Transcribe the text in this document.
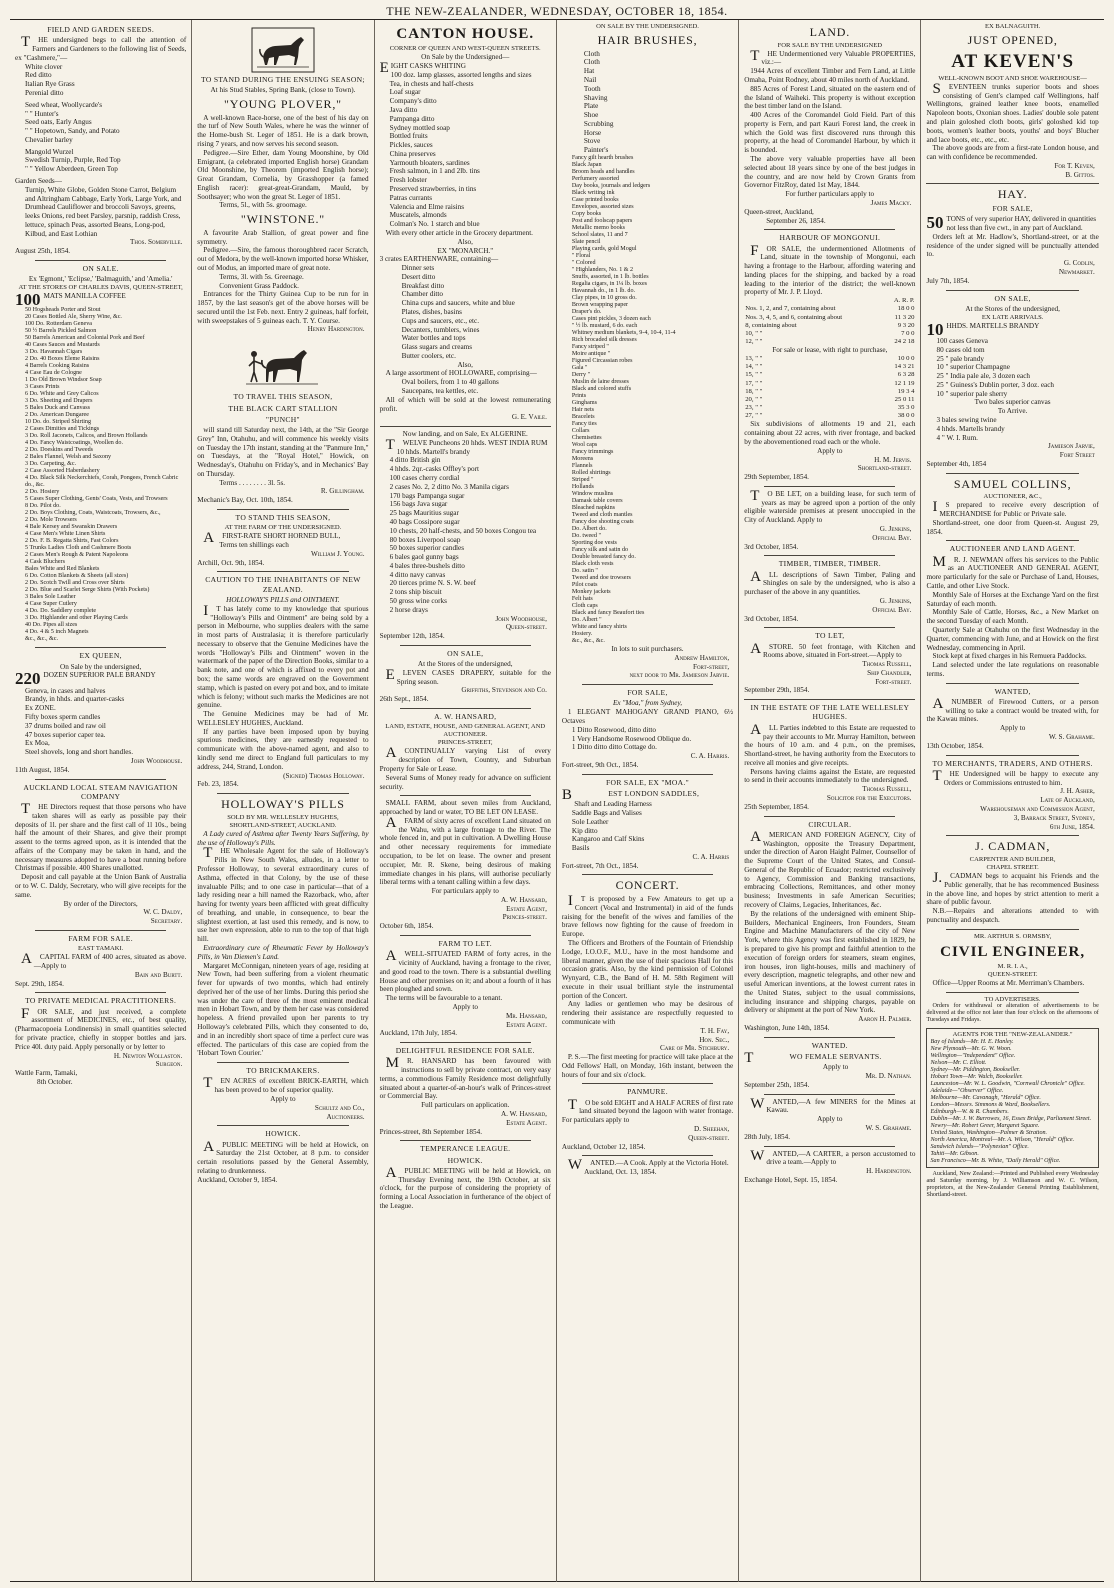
THE NEW-ZEALANDER, WEDNESDAY, OCTOBER 18, 1854.
FIELD AND GARDEN SEEDS.
THE undersigned begs to call the attention of Farmers and Gardeners to the following list of Seeds, ex "Cashmere,"—
White clover
Red ditto
Italian Rye Grass
Perenial ditto
Seed wheat, Woollycarde's
" " Hunter's
Seed oats, Early Angus
" " Hopetown, Sandy, and Potato
Chevalier barley
Mangold Wurzel
Swedish Turnip, Purple, Red Top
" " Yellow Aberdeen, Green Top
Garden Seeds—
Turnip, White Globe, Golden Stone Carrot, Belgium and Altringham Cabbage, Early York, Large York, and Drumhead Cauliflower and broccoli Savoys, greens, leeks Onions, red beet Parsley, parsnip, raddish Cress, lettuce, spinach Peas, assorted Beans, Long-pod, Kilbud, and East Lothian
Thos. Somerville.
August 25th, 1854.
ON SALE.
Ex 'Egmont,' 'Eclipse,' 'Balmaguith,' and 'Amelia.'
AT THE STORES OF CHARLES DAVIS, QUEEN-STREET,
100 MATS MANILLA COFFEE
50 Hogsheads Porter and Stout
20 Cases Bottled Ale, Sherry Wine, &c.
100 Do. Rotterdam Geneva
50 ½ Barrels Pickled Salmon
50 Barrels American and Colonial Pork and Beef
40 Cases Sauces and Mustards
3 Do. Havannah Cigars
2 Do. 40 Boxes Eleme Raisins
4 Barrels Cooking Raisins
4 Case Eau de Cologne
1 Do Old Brown Windsor Soap
3 Cases Prints
6 Do. White and Grey Calicos
3 Do. Sheeting and Drapers
5 Bales Duck and Canvass
2 Do. American Dungaree
10 Do. do. Striped Shirting
2 Cases Dimities and Tickings
3 Do. Roll Jaconets, Calicos, and Brown Hollands
4 Do. Fancy Waistcoatings, Woollen do.
2 Do. Doeskins and Tweeds
2 Bales Flannel, Welsh and Saxony
3 Do. Carpeting, &c.
2 Case Assorted Haberdashery
4 Do. Black Silk Neckerchiefs, Corah, Pongees, French Cabric do., &c.
2 Do. Hosiery
5 Cases Super Clothing, Gents' Coats, Vests, and Trowsers
8 Do. Pilot do.
2 Do. Boys Clothing, Coats, Waistcoats, Trowsers, &c.,
2 Do. Mole Trowsers
4 Bale Kersey and Swanskin Drawers
4 Case Men's White Linen Shirts
2 Do. F. B. Regatta Shirts, Fast Colors
5 Trunks Ladies Cloth and Cashmere Boots
2 Cases Men's Rough & Patent Napoleons
4 Cask Bluchers
Bales White and Red Blankets
6 Do. Cotton Blankets & Sheets (all sizes)
2 Do. Scotch Twill and Cross over Shirts
2 Do. Blue and Scarlet Serge Shirts (With Pockets)
3 Bales Sole Leather
4 Case Super Cutlery
4 Do. Do. Saddlery complete
3 Do. Highlander and other Playing Cards
40 Do. Pipes all sizes
4 Do. 4 & 5 inch Magnets
&c., &c., &c.
EX QUEEN,
On Sale by the undersigned,
220 DOZEN SUPERIOR PALE BRANDY
Geneva, in cases and halves
Brandy, in hhds. and quarter-casks
Ex ZONE.
Fifty boxes sperm candles
37 drums boiled and raw oil
47 boxes superior caper tea.
Ex Moa,
Steel shovels, long and short handles.
John Woodhouse.
11th August, 1854.
AUCKLAND LOCAL STEAM NAVIGATION COMPANY
THE Directors request that those persons who have taken shares will as early as possible pay their deposits of 1l. per share and the first call of 1l 10s., being half the amount of their Shares, and give their prompt assent to the terms agreed upon, as it is intended that the affairs of the Company may be taken in hand, and the necessary measures adopted to have a boat running before Christmas if possible. 400 Shares unallotted.
Deposit and call payable at the Union Bank of Australia or to W. C. Daldy, Secretary, who will give receipts for the same.
By order of the Directors,
W. C. Daldy,
Secretary.
FARM FOR SALE.
EAST TAMAKI.
ACAPITAL FARM of 400 acres, situated as above.—Apply to
Bain and Burtt.
Sept. 29th, 1854.
TO PRIVATE MEDICAL PRACTITIONERS.
FOR SALE, and just received, a complete assortment of MEDICINES, etc., of best quality, (Pharmacopoeia Londinensis) in small quantities selected for private practice, chiefly in stopper bottles and jars. Price 40l. duty paid. Apply personally or by letter to
H. Newton Wollaston.
Surgeon.
Wattle Farm, Tamaki,
8th October.
TO STAND DURING THE ENSUING SEASON;
At his Stud Stables, Spring Bank, (close to Town).
"YOUNG PLOVER,"
A well-known Race-horse, one of the best of his day on the turf of New South Wales, where he was the winner of the Home-bush St. Leger of 1851. He is a dark brown, rising 7 years, and now serves his second season.
Pedigree.—Sire Ether, dam Young Moonshine, by Old Emigrant, (a celebrated imported English horse) Grandam Old Moonshine, by Theorem (imported English horse); Great Grandam, Cornelia, by Grasshopper (a famed English racer): great-great-Grandam, Mauld, by Soothsayer; who won the great St. Leger of 1851.
Terms, 5l., with 5s. groomage.
"WINSTONE."
A favourite Arab Stallion, of great power and fine symmetry.
Pedigree.—Sire, the famous thoroughbred racer Scratch, out of Medora, by the well-known imported horse Whisker, out of Modus, an imported mare of great note.
Terms, 3l. with 5s. Greenage.
Convenient Grass Paddock.
Entrances for the Thirty Guinea Cup to be run for in 1857, by the last season's get of the above horses will be secured until the 1st Feb. next. Entry 2 guineas, half forfeit, with sweepstakes of 5 guineas each. T. Y. Course.
Henry Hardington.
TO TRAVEL THIS SEASON,
THE BLACK CART STALLION
"PUNCH"
will stand till Saturday next, the 14th, at the "Sir George Grey" Inn, Otahuhu, and will commence his weekly visits on Tuesday the 17th instant, standing at the "Panmure Inn," on Tuesdays, at the "Royal Hotel," Howick, on Wednesday's, Otahuhu on Friday's, and in Mechanics' Bay on Thursday.
Terms . . . . . . . . 3l. 5s.
R. Gillingham.
Mechanic's Bay, Oct. 10th, 1854.
TO STAND THIS SEASON,
AT THE FARM OF THE UNDERSIGNED.
AFIRST-RATE SHORT HORNED BULL,
Terms ten shillings each
William J. Young.
Archill, Oct. 9th, 1854.
CAUTION TO THE INHABITANTS OF NEW ZEALAND.
HOLLOWAY'S PILLS and OINTMENT.
IT has lately come to my knowledge that spurious "Holloway's Pills and Ointment" are being sold by a person in Melbourne, who supplies dealers with the same in most parts of Australasia; it is therefore particularly necessary to observe that the Genuine Medicines have the words "Holloway's Pills and Ointment" woven in the watermark of the paper of the Direction Books, similar to a bank note, and one of which is affixed to every pot and box; the same words are engraved on the Government stamp, which is pasted on every pot and box, and to imitate which is felony; without such marks the Medicines are not genuine.
The Genuine Medicines may be had of Mr. WELLESLEY HUGHES, Auckland.
If any parties have been imposed upon by buying spurious medicines, they are earnestly requested to communicate with the above-named agent, and also to kindly send me direct to England full particulars to my address, 244, Strand, London.
(Signed) Thomas Holloway.
Feb. 23, 1854.
HOLLOWAY'S PILLS
SOLD BY MR. WELLESLEY HUGHES,
SHORTLAND-STREET, AUCKLAND.
A Lady cured of Asthma after Twenty Years Suffering, by the use of Holloway's Pills.
THE Wholesale Agent for the sale of Holloway's Pills in New South Wales, alludes, in a letter to Professor Holloway, to several extraordinary cures of Asthma, effected in that Colony, by the use of these invaluable Pills; and to one case in particular—that of a lady residing near a hill named the Razorback, who, after having for twenty years been afflicted with great difficulty of breathing, and unable, in consequence, to bear the slightest exertion, at last used this remedy, and is now, to use her own expression, able to run to the top of that high hill.
Extraordinary cure of Rheumatic Fever by Holloway's Pills, in Van Diemen's Land.
Margaret McConnigan, nineteen years of age, residing at New Town, had been suffering from a violent rheumatic fever for upwards of two months, which had entirely deprived her of the use of her limbs. During this period she was under the care of three of the most eminent medical men in Hobart Town, and by them her case was considered hopeless. A friend prevailed upon her parents to try Holloway's celebrated Pills, which they consented to do, and in an incredibly short space of time a perfect cure was effected. The particulars of this case are copied from the 'Hobart Town Courier.'
TO BRICKMAKERS.
TEN ACRES of excellent BRICK-EARTH, which has been proved to be of superior quality.
Apply to
Schultz and Co.,
Auctioneers.
HOWICK.
APUBLIC MEETING will be held at Howick, on Saturday the 21st October, at 8 p.m. to consider certain resolutions passed by the General Assembly, relating to drunkenness.
Auckland, October 9, 1854.
CANTON HOUSE.
CORNER OF QUEEN AND WEST-QUEEN STREETS.
On Sale by the Undersigned—
EIGHT CASKS WHITING
100 doz. lamp glasses, assorted lengths and sizes
Tea, in chests and half-chests
Loaf sugar
Company's ditto
Java ditto
Pampanga ditto
Sydney mottled soap
Bottled fruits
Pickles, sauces
China preserves
Yarmouth bloaters, sardines
Fresh salmon, in 1 and 2lb. tins
Fresh lobster
Preserved strawberries, in tins
Patras currants
Valencia and Elme raisins
Muscatels, almonds
Colman's No. 1 starch and blue
With every other article in the Grocery department.
Also,
EX "MONARCH."
3 crates EARTHENWARE, containing—
Dinner sets
Desert ditto
Breakfast ditto
Chamber ditto
China cups and saucers, white and blue
Plates, dishes, basins
Cups and saucers, etc., etc.
Decanters, tumblers, wines
Water bottles and tops
Glass sugars and creams
Butter coolers, etc.
Also,
A large assortment of HOLLOWARE, comprising—
Oval boilers, from 1 to 40 gallons
Saucepans, tea kettles, etc.
All of which will be sold at the lowest remunerating profit.
G. E. Vaile.
Now landing, and on Sale, Ex ALGERINE.
TWELVE Puncheons 20 hhds. WEST INDIA RUM
10 hhds. Martell's brandy
4 ditto British gin
4 hhds. 2qr.-casks Offley's port
100 cases cherry cordial
2 cases No. 2, 2 ditto No. 3 Manila cigars
170 bags Pampanga sugar
156 bags Java sugar
25 bags Mauritius sugar
40 bags Cossipore sugar
10 chests, 20 half-chests, and 50 boxes Congou tea
80 boxes Liverpool soap
50 boxes superior candles
6 bales gaol gunny bags
4 bales three-bushels ditto
4 ditto navy canvas
20 tierces prime N. S. W. beef
2 tons ship biscuit
50 gross wine corks
2 horse drays
John Woodhouse,
Queen-street.
September 12th, 1854.
ON SALE,
At the Stores of the undersigned,
ELEVEN CASES DRAPERY, suitable for the Spring season.
Griffiths, Stevenson and Co.
26th Sept., 1854.
A. W. HANSARD,
LAND, ESTATE, HOUSE, AND GENERAL AGENT, AND AUCTIONEER.
PRINCES-STREET,
ACONTINUALLY varying List of every description of Town, Country, and Suburban Property for Sale or Lease.
Several Sums of Money ready for advance on sufficient security.
SMALL FARM, about seven miles from Auckland, approached by land or water, TO BE LET ON LEASE.
AFARM of sixty acres of excellent Land situated on the Wahu, with a large frontage to the River. The whole fenced in, and put in cultivation. A Dwelling House and other necessary requirements for immediate occupation, to be let on lease. The owner and present occupier, Mr. R. Skene, being desirous of making immediate changes in his plans, will authorise peculiarly liberal terms with a tenant calling within a few days.
For particulars apply to
A. W. Hansard,
Estate Agent,
Princes-street.
October 6th, 1854.
FARM TO LET.
AWELL-SITUATED FARM of forty acres, in the vicinity of Auckland, having a frontage to the river, and good road to the town. There is a substantial dwelling House and other premises on it; and about a fourth of it has been ploughed and sown.
The terms will be favourable to a tenant.
Apply to
Mr. Hansard,
Estate Agent.
Auckland, 17th July, 1854.
DELIGHTFUL RESIDENCE FOR SALE.
MR. HANSARD has been favoured with instructions to sell by private contract, on very easy terms, a commodious Family Residence most delightfully situated about a quarter-of-an-hour's walk of Princes-street or Commercial Bay.
Full particulars on application.
A. W. Hansard,
Estate Agent.
Princes-street, 8th September 1854.
TEMPERANCE LEAGUE.
HOWICK.
APUBLIC MEETING will be held at Howick, on Thursday Evening next, the 19th October, at six o'clock, for the purpose of considering the propriety of forming a Local Association in furtherance of the object of the League.
ON SALE BY THE UNDERSIGNED.
HAIR BRUSHES,
Cloth
Cloth
Hat
Nail
Tooth
Shaving
Plate
Shoe
Scrubbing
Horse
Stove
Painter's
Fancy gilt hearth brushes
Black Japan
Broom heads and handles
Perfumery assorted
Day books, journals and ledgers
Black writing ink
Case printed books
Envelopes, assorted sizes
Copy books
Post and foolscap papers
Metallic memo books
School slates, 11 and 7
Slate pencil
Playing cards, gold Mogul
" Floral
" Colored
" Highlanders, No. 1 & 2
Snuffs, assorted, in 1 lb. bottles
Regalia cigars, in 1¼ lb. boxes
Havannah do., in 1 lb. do.
Clay pipes, in 10 gross do.
Brown wrapping paper
Draper's do.
Cases pint pickles, 3 dozen each
" ½ lb. mustard, 6 do. each
Whitney medium blankets, 9-4, 10-4, 11-4
Rich brocaded silk dresses
Fancy striped "
Moire antique "
Figured Circassian robes
Gala "
Derry "
Muslin de laine dresses
Black and colored stuffs
Prints
Ginghams
Hair nets
Bracelets
Fancy ties
Collars
Chemisettes
Wool caps
Fancy trimmings
Moreens
Flannels
Rolled shirtings
Striped "
Hollands
Window muslins
Damask table covers
Bleached napkins
Tweed and cloth mantles
Fancy doe shooting coats
Do. Albert do.
Do. tweed "
Sporting doe vests
Fancy silk and satin do
Double breasted fancy do.
Black cloth vests
Do. satin "
Tweed and doe trowsers
Pilot coats
Monkey jackets
Felt hats
Cloth caps
Black and fancy Beaufort ties
Do. Albert "
White and fancy shirts
Hosiery.
&c., &c., &c.
In lots to suit purchasers.
Andrew Hamilton,
Fort-street,
next door to Mr. Jamieson Jarvie.
FOR SALE,
Ex "Moa," from Sydney,
1 ELEGANT MAHOGANY GRAND PIANO, 6½ Octaves
1 Ditto Rosewood, ditto ditto
1 Very Handsome Rosewood Oblique do.
1 Ditto ditto ditto Cottage do.
C. A. Harris.
Fort-street, 9th Oct., 1854.
FOR SALE, EX "MOA."
BEST LONDON SADDLES,
Shaft and Leading Harness
Saddle Bags and Valises
Sole Leather
Kip ditto
Kangaroo and Calf Skins
Basils
C. A. Harris
Fort-street, 7th Oct., 1854.
CONCERT.
IT is proposed by a Few Amateurs to get up a Concert (Vocal and Instrumental) in aid of the funds raising for the benefit of the wives and families of the brave fellows now fighting for the cause of freedom in Europe.
The Officers and Brothers of the Fountain of Friendship Lodge, I.O.O.F., M.U., have in the most handsome and liberal manner, given the use of their spacious Hall for this occasion gratis. Also, by the kind permission of Colonel Wynyard, C.B., the Band of H. M. 58th Regiment will execute in their usual brilliant style the instrumental portion of the Concert.
Any ladies or gentlemen who may be desirous of rendering their assistance are respectfully requested to communicate with
T. H. Fay,
Hon. Sec.,
Care of Mr. Stichbury.
P. S.—The first meeting for practice will take place at the Odd Fellows' Hall, on Monday, 16th instant, between the hours of four and six o'clock.
PANMURE.
TO be sold EIGHT and A HALF ACRES of first rate land situated beyond the lagoon with water frontage. For particulars apply to
D. Sheehan,
Queen-street.
Auckland, October 12, 1854.
WANTED.—A Cook. Apply at the Victoria Hotel.
Auckland, Oct. 13, 1854.
LAND.
FOR SALE BY THE UNDERSIGNED
THE Undermentioned very Valuable PROPERTIES, viz.:—
1944 Acres of excellent Timber and Fern Land, at Little Omaha, Point Rodney, about 40 miles north of Auckland.
885 Acres of Forest Land, situated on the eastern end of the Island of Waiheki. This property is without exception the best timber land on the Island.
400 Acres of the Coromandel Gold Field. Part of this property is Fern, and part Kauri Forest land, the creek in which the Gold was first discovered runs through this property, at the head of Coromandel Harbour, by which it is bounded.
The above very valuable properties have all been selected about 18 years since by one of the best judges in the country, and are now held by Crown Grants from Governor FitzRoy, dated 1st May, 1844.
For further particulars apply to
James Macky.
Queen-street, Auckland,
September 26, 1854.
HARBOUR OF MONGONUI.
FOR SALE, the undermentioned Allotments of Land, situate in the township of Mongonui, each having a frontage to the Harbour, affording watering and landing places for the shipping, and backed by a road leading to the interior of the district; the well-known property of Mr. J. P. Lloyd.
	A. R. P.
Nos. 1, 2, and 7, containing about	18 0 0
Nos. 3, 4, 5, and 6, containing about	11 3 20
8, containing about	9 3 20
10, " "	7 0 0
12, " "	24 2 18
For sale or lease, with right to purchase,
13, " "	10 0 0
14, " "	14 3 21
15, " "	6 3 28
17, " "	12 1 19
18, " "	19 3 4
20, " "	25 0 11
23, " "	35 3 0
27, " "	38 0 0
Six subdivisions of allotments 19 and 21, each containing about 22 acres, with river frontage, and backed by the abovementioned road each or the whole.
Apply to
H. M. Jervis.
Shortland-street.
29th September, 1854.
TO BE LET, on a building lease, for such term of years as may be agreed upon a portion of the only eligible waterside premises at present unoccupied in the City of Auckland. Apply to
G. Jenkins,
Official Bay.
3rd October, 1854.
TIMBER, TIMBER, TIMBER.
ALL descriptions of Sawn Timber, Paling and Shingles on sale by the undersigned, who is also a purchaser of the above in any quantities.
G. Jenkins,
Official Bay.
3rd October, 1854.
TO LET,
ASTORE. 50 feet frontage, with Kitchen and Rooms above, situated in Fort-street.—Apply to
Thomas Russell,
Ship Chandler,
Fort-street.
September 29th, 1854.
IN THE ESTATE OF THE LATE WELLESLEY HUGHES.
ALL Parties indebted to this Estate are requested to pay their accounts to Mr. Murray Hamilton, between the hours of 10 a.m. and 4 p.m., on the premises, Shortland-street, he having authority from the Executors to receive all monies and give receipts.
Persons having claims against the Estate, are requested to send in their accounts immediately to the undersigned.
Thomas Russell,
Solicitor for the Executors.
25th September, 1854.
CIRCULAR.
AMERICAN AND FOREIGN AGENCY, City of Washington, opposite the Treasury Department, under the direction of Aaron Haight Palmer, Counsellor of the Supreme Court of the United States, and Consul-General of the Republic of Ecuador; restricted exclusively to Agency, Commission and Banking transactions, embracing Collections, Remittances, and other money business; Investments in safe American Securities; recovery of Claims, Legacies, Inheritances, &c.
By the relations of the undersigned with eminent Ship-Builders, Mechanical Engineers, Iron Founders, Steam Engine and Machine Manufacturers of the city of New York, where this Agency was first established in 1829, he is prepared to give his prompt and faithful attention to the execution of foreign orders for steamers, steam engines, iron houses, iron light-houses, mills and machinery of every description, magnetic telegraphs, and other new and useful American inventions, at the lowest current rates in the United States, subject to the usual commissions, including insurance and shipping charges, payable on delivery or shipment at the port of New York.
Aaron H. Palmer.
Washington, June 14th, 1854.
WANTED.
TWO FEMALE SERVANTS.
Apply to
Mr. D. Nathan.
September 25th, 1854.
WANTED,—A few MINERS for the Mines at Kawau.
Apply to
W. S. Grahame.
28th July, 1854.
WANTED,—A CARTER, a person accustomed to drive a team.—Apply to
H. Hardington.
Exchange Hotel, Sept. 15, 1854.
EX BALNAGUITH.
JUST OPENED,
AT KEVEN'S
WELL-KNOWN BOOT AND SHOE WAREHOUSE—
SEVENTEEN trunks superior boots and shoes consisting of Gent's clamped calf Wellingtons, half Wellingtons, grained leather knee boots, enamelled Napoleon boots, Oxonian shoes. Ladies' double sole patent and plain goloshed cloth boots, girls' goloshed kid top boots, women's leather boots, youths' and boys' Blucher and lace boots, etc., etc., etc.
The above goods are from a first-rate London house, and can with confidence be recommended.
For T. Keven,
B. Gittos.
HAY.
FOR SALE,
50 TONS of very superior HAY, delivered in quantities not less than five cwt., in any part of Auckland.
Orders left at Mr. Hadlow's, Shortland-street, or at the residence of the under signed will be punctually attended to.
G. Codlin,
Newmarket.
July 7th, 1854.
ON SALE,
At the Stores of the undersigned,
EX LATE ARRIVALS.
10 HHDS. MARTELLS BRANDY
100 cases Geneva
80 cases old tom
25 " pale brandy
10 " superior Champagne
25 " India pale ale, 3 dozen each
25 " Guiness's Dublin porter, 3 doz. each
10 " superior pale sherry
Two bales superior canvas
To Arrive.
3 bales sewing twine
4 hhds. Martells brandy
4 " W. I. Rum.
Jamieson Jarvie,
Fort Street
September 4th, 1854
SAMUEL COLLINS,
AUCTIONEER, &C.,
IS prepared to receive every description of MERCHANDISE for Public or Private sale.
Shortland-street, one door from Queen-st. August 29, 1854.
AUCTIONEER AND LAND AGENT.
MR. J. NEWMAN offers his services to the Public as an AUCTIONEER AND GENERAL AGENT, more particularly for the sale or Purchase of Land, Houses, Cattle, and other Live Stock.
Monthly Sale of Horses at the Exchange Yard on the first Saturday of each month.
Monthly Sale of Cattle, Horses, &c., a New Market on the second Tuesday of each Month.
Quarterly Sale at Otahuhu on the first Wednesday in the Quarter, commencing with June, and at Howick on the first Wednesday, commencing in April.
Stock kept at fixed charges in his Remuera Paddocks.
Land selected under the late regulations on reasonable terms.
WANTED,
ANUMBER of Firewood Cutters, or a person willing to take a contract would be treated with, for the Kawau mines.
Apply to
W. S. Grahame.
13th October, 1854.
TO MERCHANTS, TRADERS, AND OTHERS.
THE Undersigned will be happy to execute any Orders or Commissions entrusted to him.
J. H. Asher,
Late of Auckland,
Warehouseman and Commission Agent,
3, Barrack Street, Sydney,
6th June, 1854.
J. CADMAN,
CARPENTER AND BUILDER,
CHAPEL STREET.
J.CADMAN begs to acquaint his Friends and the Public generally, that he has recommenced Business in the above line, and hopes by strict attention to merit a share of public favour.
N.B.—Repairs and alterations attended to with punctuality and despatch.
MR. ARTHUR S. ORMSBY,
CIVIL ENGINEER,
M. R. I. A.,
QUEEN-STREET.
Office—Upper Rooms at Mr. Merriman's Chambers.
TO ADVERTISERS.
Orders for withdrawal or alteration of advertisements to be delivered at the office not later than four o'clock on the afternoons of Tuesdays and Fridays.
AGENTS FOR THE "NEW-ZEALANDER."
Bay of Islands—Mr. H. E. Hanley.
New Plymouth—Mr. G. W. Woon.
Wellington—"Independent" Office.
Nelson—Mr. C. Elliott.
Sydney—Mr. Piddington, Bookseller.
Hobart Town—Mr. Walch, Bookseller.
Launceston—Mr. W. L. Goodwin, "Cornwall Chronicle" Office.
Adelaide—"Observer" Office.
Melbourne—Mr. Cavanagh, "Herald" Office.
London—Messrs. Simmons & Ward, Booksellers.
Edinburgh—W. & R. Chambers.
Dublin—Mr. J. W. Burrowes, 16, Essex Bridge, Parliament Street.
Newry—Mr. Robert Greer, Margaret Square.
United States, Washington—Palmer & Stratton.
North America, Montreal—Mr. A. Wilson, "Herald" Office.
Sandwich Islands—"Polynesian" Office.
Tahiti—Mr. Gibson.
San Francisco—Mr. B. White, "Daily Herald" Office.
Auckland, New Zealand:—Printed and Published every Wednesday and Saturday morning, by J. Williamson and W. C. Wilson, proprietors, at the New-Zealander General Printing Establishment, Shortland-street.
